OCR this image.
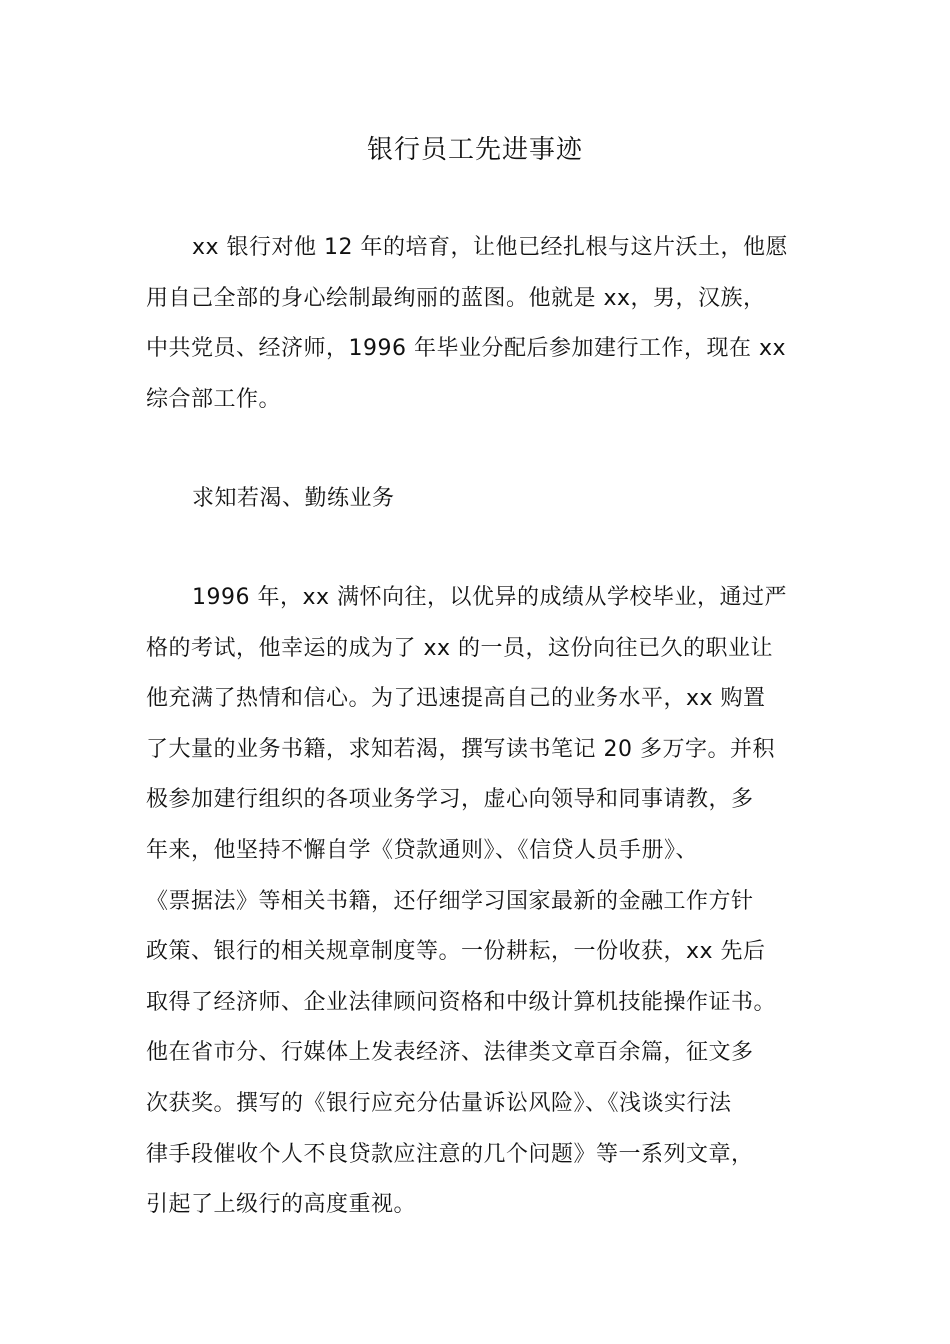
银行员工先进事迹
xx 银行对他 12 年的培育，让他已经扎根与这片沃土，他愿
用自己全部的身心绘制最绚丽的蓝图。他就是 xx，男，汉族，
中共党员、经济师，1996 年毕业分配后参加建行工作，现在 xx
综合部工作。
求知若渴、勤练业务
1996 年，xx 满怀向往，以优异的成绩从学校毕业，通过严
格的考试，他幸运的成为了 xx 的一员，这份向往已久的职业让
他充满了热情和信心。为了迅速提高自己的业务水平，xx 购置
了大量的业务书籍，求知若渴，撰写读书笔记 20 多万字。并积
极参加建行组织的各项业务学习，虚心向领导和同事请教，多
年来，他坚持不懈自学《贷款通则》、《信贷人员手册》、
《票据法》等相关书籍，还仔细学习国家最新的金融工作方针
政策、银行的相关规章制度等。一份耕耘，一份收获，xx 先后
取得了经济师、企业法律顾问资格和中级计算机技能操作证书。
他在省市分、行媒体上发表经济、法律类文章百余篇，征文多
次获奖。撰写的《银行应充分估量诉讼风险》、《浅谈实行法
律手段催收个人不良贷款应注意的几个问题》等一系列文章，
引起了上级行的高度重视。
